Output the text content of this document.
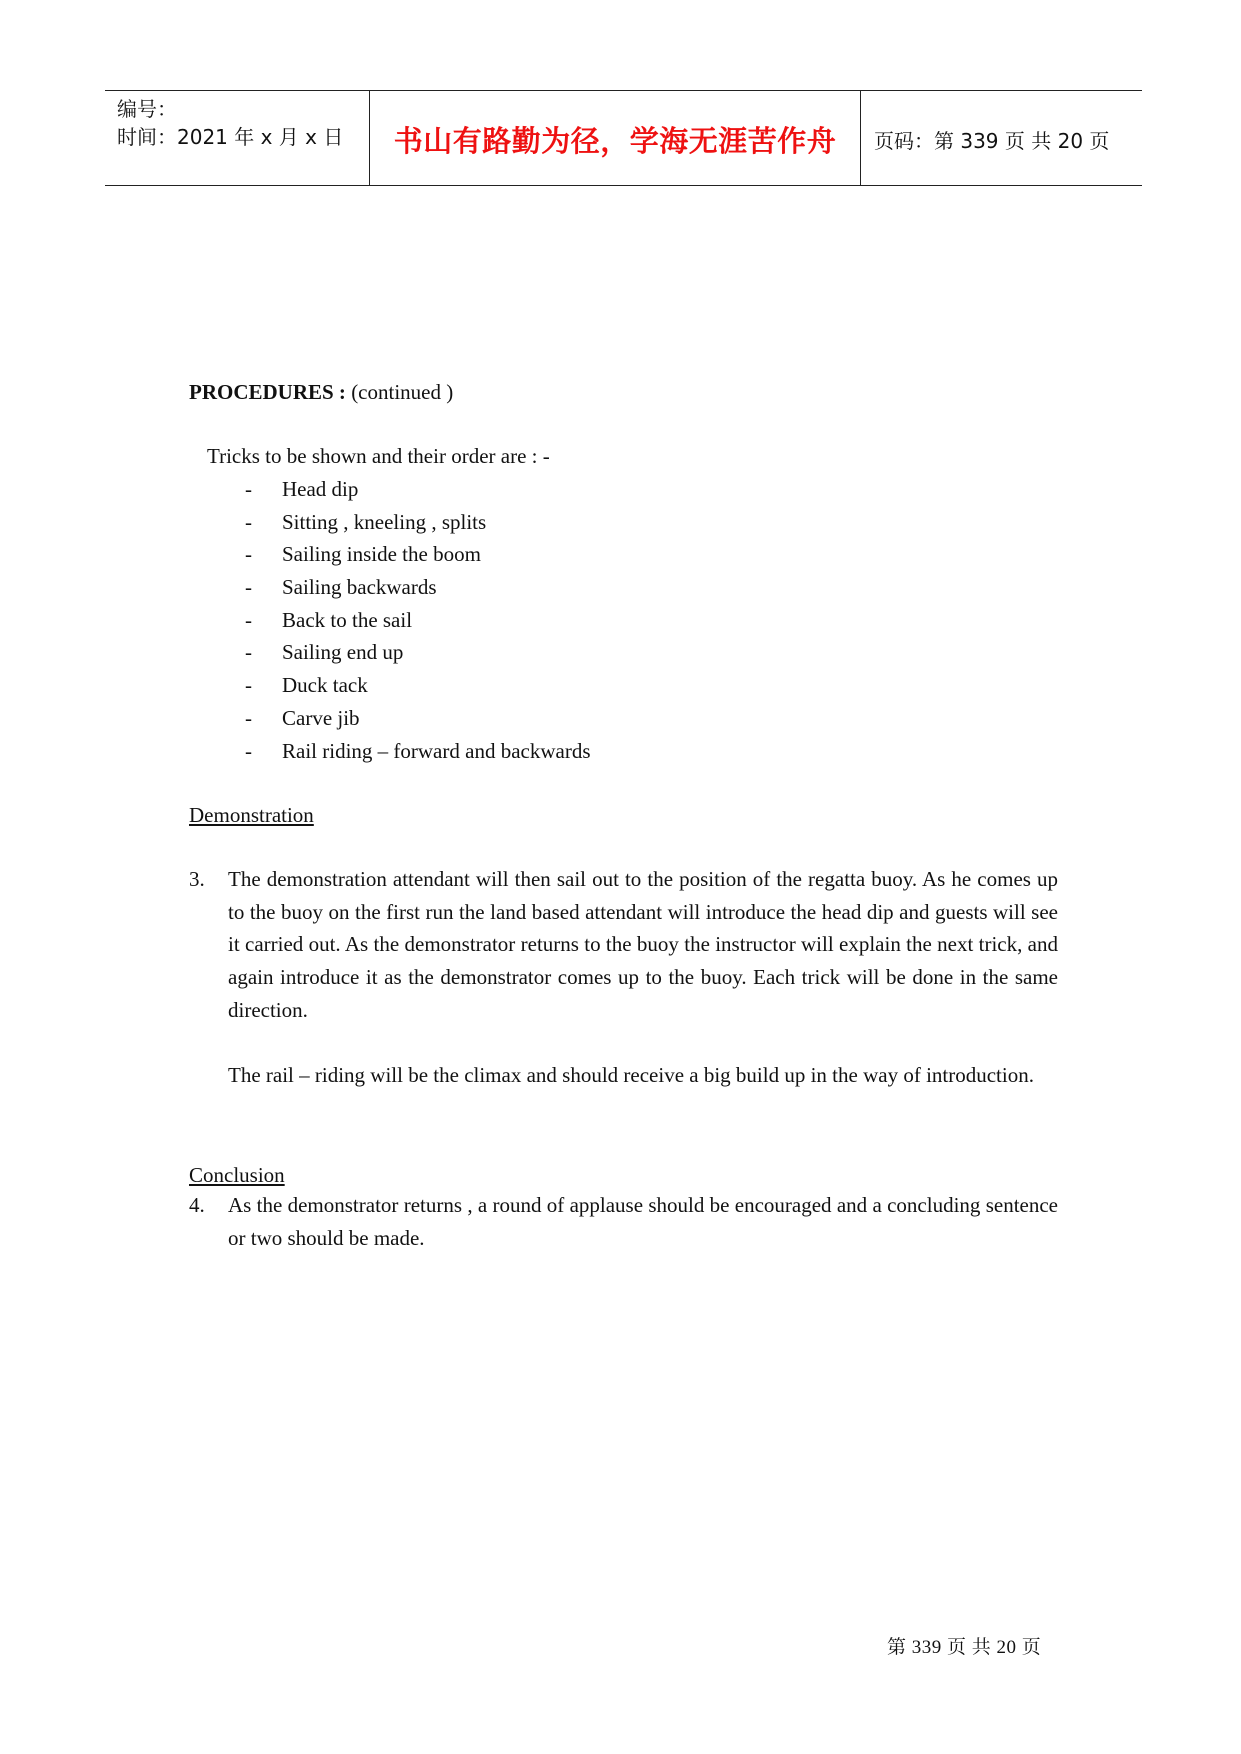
编号：
时间：2021 年 x 月 x 日	书山有路勤为径，学海无涯苦作舟	页码：第 339 页 共 20 页
PROCEDURES : (continued )
Tricks to be shown and their order are : -
- Head dip
- Sitting , kneeling , splits
- Sailing inside the boom
- Sailing backwards
- Back to the sail
- Sailing end up
- Duck tack
- Carve jib
- Rail riding – forward and backwards
Demonstration
3. The demonstration attendant will then sail out to the position of the regatta buoy. As he comes up to the buoy on the first run the land based attendant will introduce the head dip and guests will see it carried out. As the demonstrator returns to the buoy the instructor will explain the next trick, and again introduce it as the demonstrator comes up to the buoy. Each trick will be done in the same direction.
The rail – riding will be the climax and should receive a big build up in the way of introduction.
Conclusion
4. As the demonstrator returns , a round of applause should be encouraged and a concluding sentence or two should be made.
第 339 页 共 20 页
